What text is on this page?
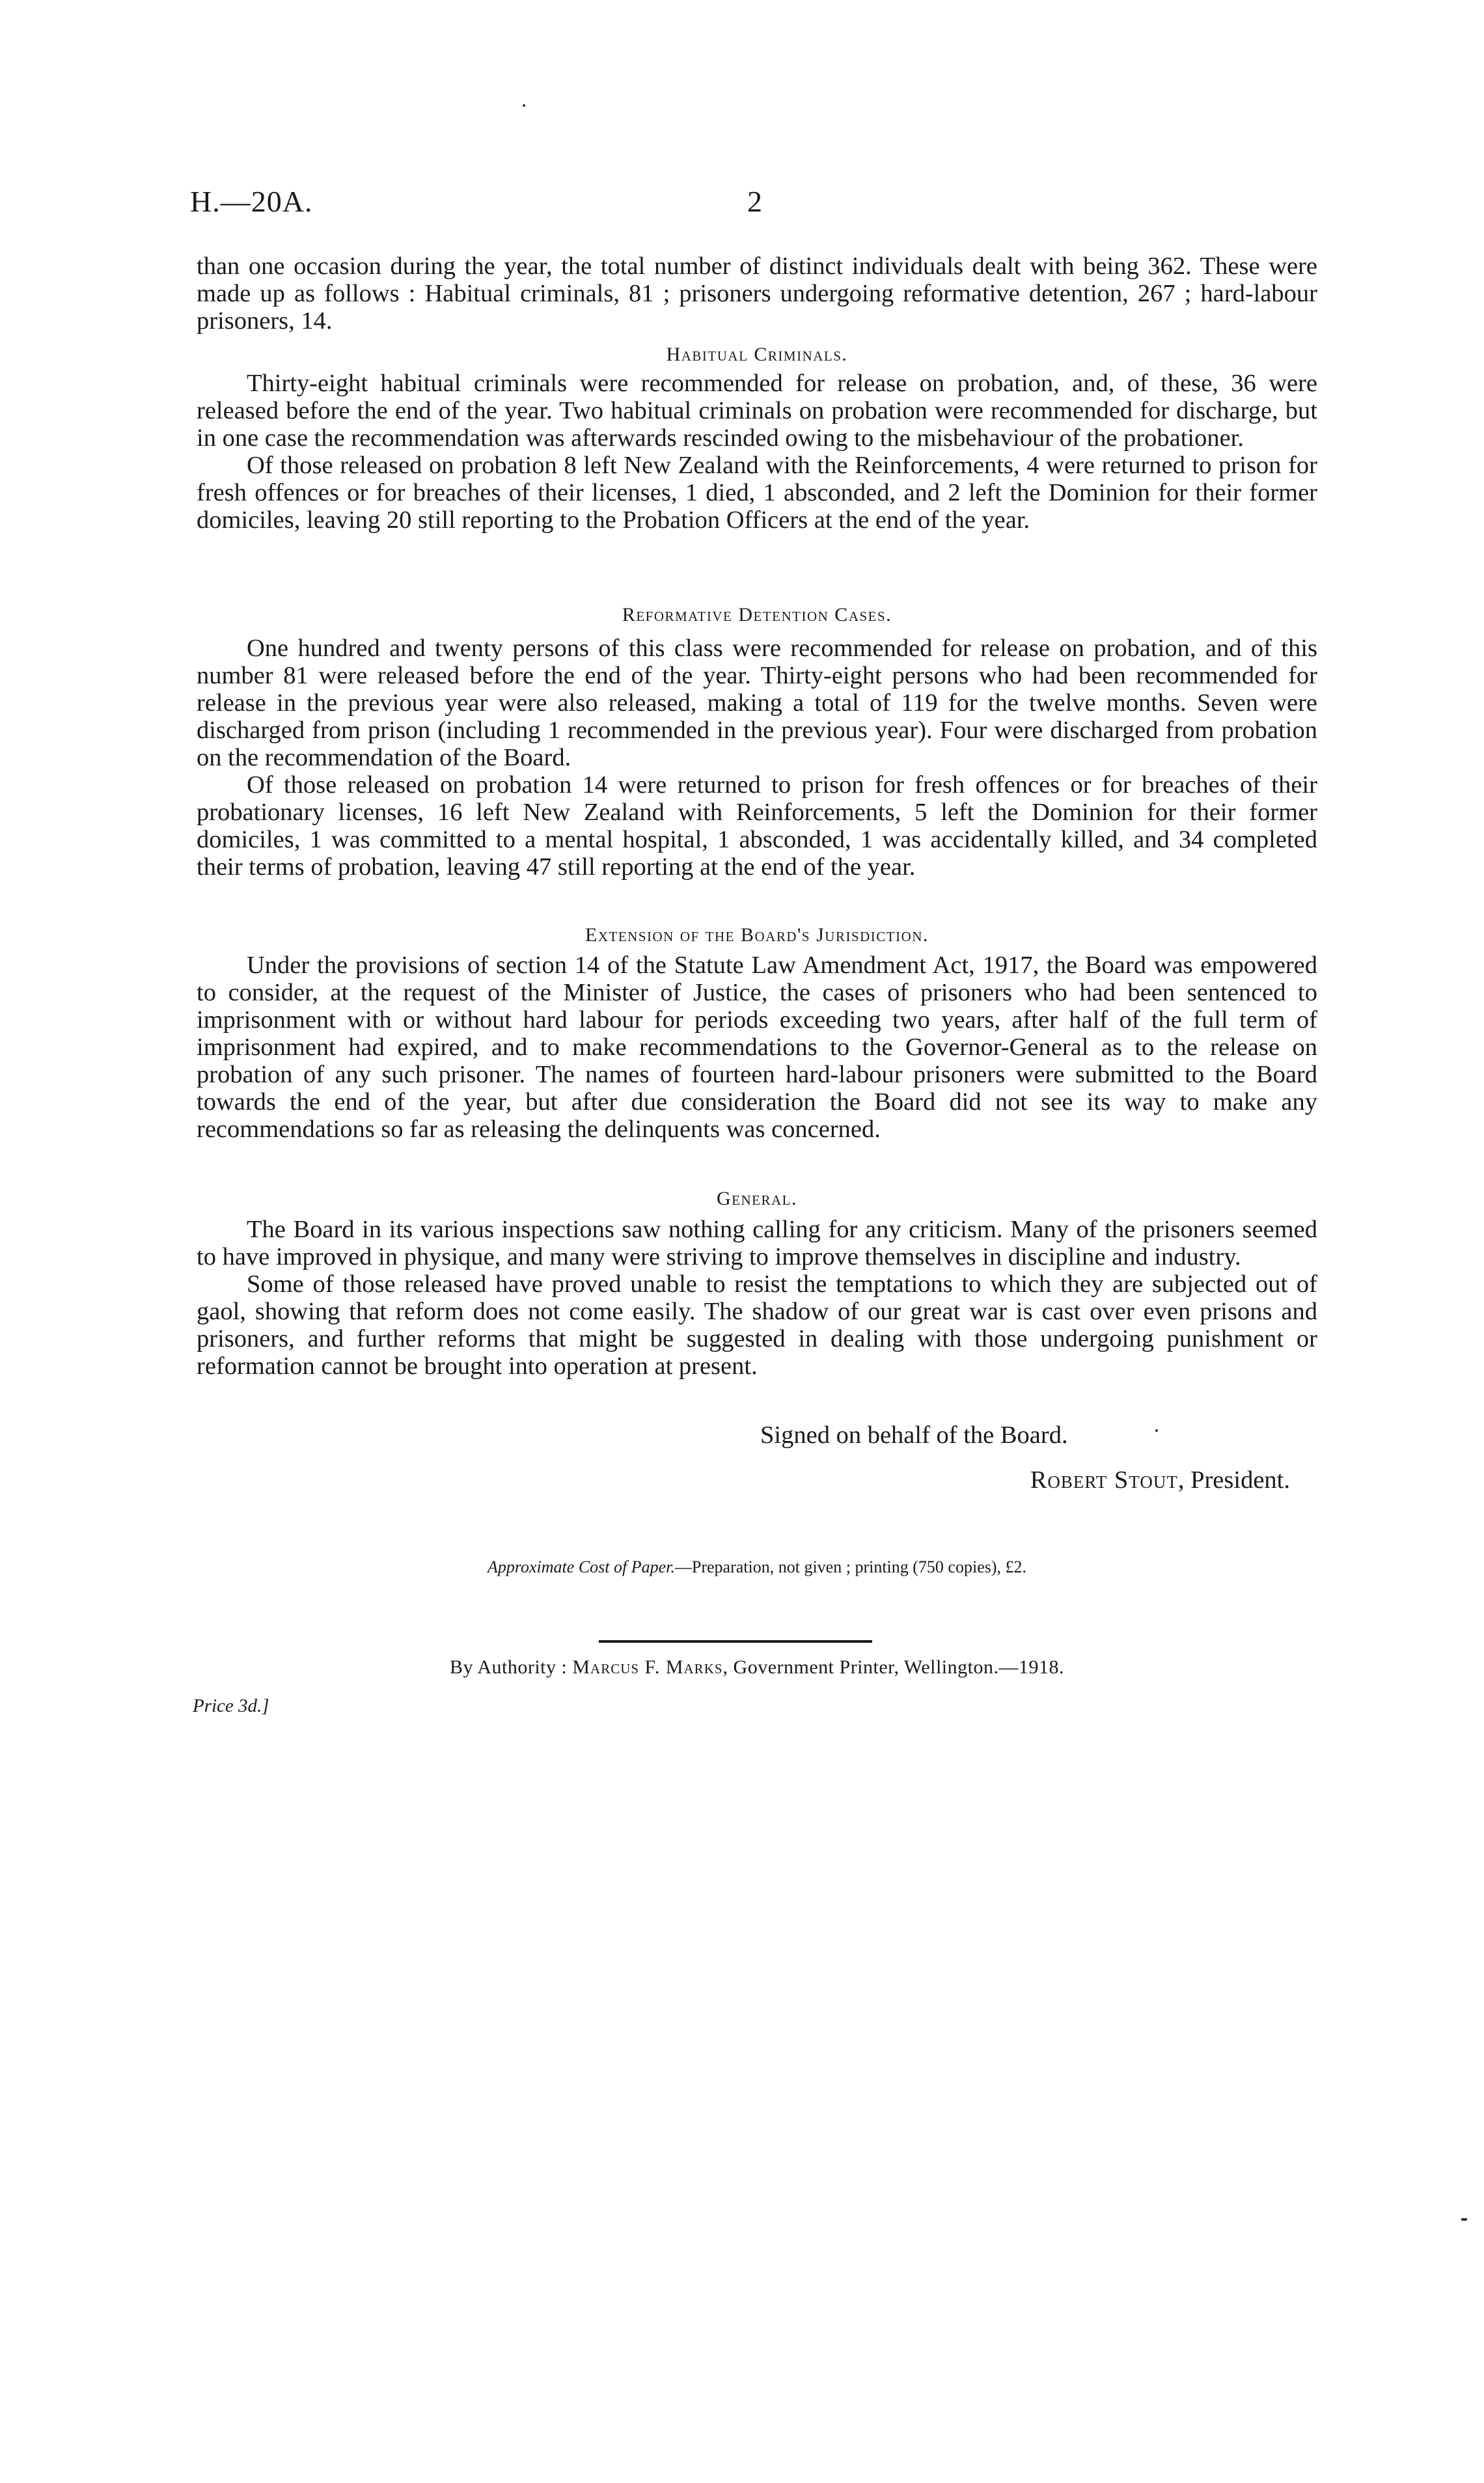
H.—20A.	2

than one occasion during the year, the total number of distinct individuals dealt with being 362. These were made up as follows : Habitual criminals, 81 ; prisoners undergoing reformative detention, 267 ; hard-labour prisoners, 14.

Habitual Criminals.

Thirty-eight habitual criminals were recommended for release on probation, and, of these, 36 were released before the end of the year. Two habitual criminals on probation were recommended for discharge, but in one case the recommendation was afterwards rescinded owing to the misbehaviour of the probationer.

Of those released on probation 8 left New Zealand with the Reinforcements, 4 were returned to prison for fresh offences or for breaches of their licenses, 1 died, 1 absconded, and 2 left the Dominion for their former domiciles, leaving 20 still reporting to the Probation Officers at the end of the year.

Reformative Detention Cases.

One hundred and twenty persons of this class were recommended for release on probation, and of this number 81 were released before the end of the year. Thirty-eight persons who had been recommended for release in the previous year were also released, making a total of 119 for the twelve months. Seven were discharged from prison (including 1 recommended in the previous year). Four were discharged from probation on the recommendation of the Board.

Of those released on probation 14 were returned to prison for fresh offences or for breaches of their probationary licenses, 16 left New Zealand with Reinforcements, 5 left the Dominion for their former domiciles, 1 was committed to a mental hospital, 1 absconded, 1 was accidentally killed, and 34 completed their terms of probation, leaving 47 still reporting at the end of the year.

Extension of the Board's Jurisdiction.

Under the provisions of section 14 of the Statute Law Amendment Act, 1917, the Board was empowered to consider, at the request of the Minister of Justice, the cases of prisoners who had been sentenced to imprisonment with or without hard labour for periods exceeding two years, after half of the full term of imprisonment had expired, and to make recommendations to the Governor-General as to the release on probation of any such prisoner. The names of fourteen hard-labour prisoners were submitted to the Board towards the end of the year, but after due consideration the Board did not see its way to make any recommendations so far as releasing the delinquents was concerned.

General.

The Board in its various inspections saw nothing calling for any criticism. Many of the prisoners seemed to have improved in physique, and many were striving to improve themselves in discipline and industry.

Some of those released have proved unable to resist the temptations to which they are subjected out of gaol, showing that reform does not come easily. The shadow of our great war is cast over even prisons and prisoners, and further reforms that might be suggested in dealing with those undergoing punishment or reformation cannot be brought into operation at present.

Signed on behalf of the Board.
Robert Stout, President.
Approximate Cost of Paper.—Preparation, not given ; printing (750 copies), £2.
By Authority : Marcus F. Marks, Government Printer, Wellington.—1918.
Price 3d.]
